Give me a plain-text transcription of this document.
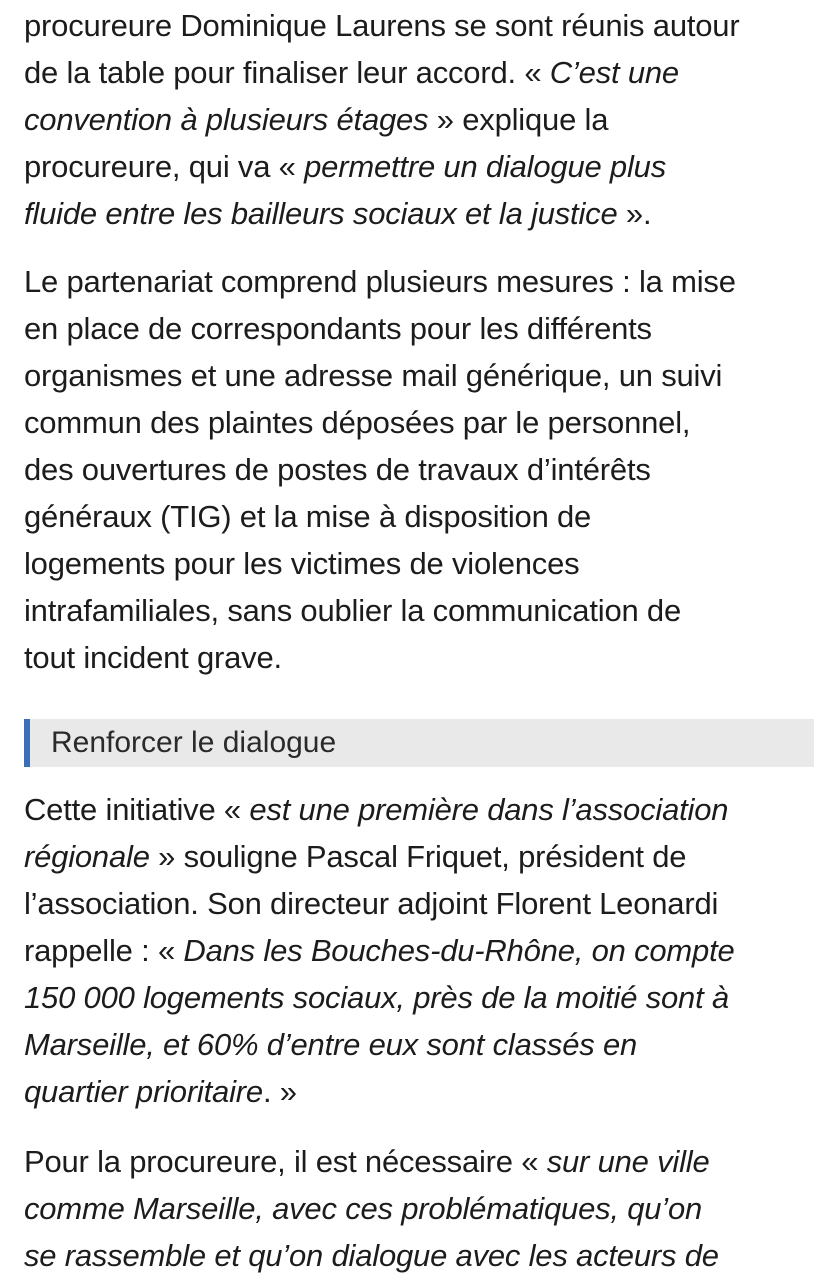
procureure Dominique Laurens se sont réunis autour
de la table pour finaliser leur accord. « C’est une
convention à plusieurs étages » explique la
procureure, qui va « permettre un dialogue plus
fluide entre les bailleurs sociaux et la justice ».

Le partenariat comprend plusieurs mesures : la mise
en place de correspondants pour les différents
organismes et une adresse mail générique, un suivi
commun des plaintes déposées par le personnel,
des ouvertures de postes de travaux d’intérêts
généraux (TIG) et la mise à disposition de
logements pour les victimes de violences
intrafamiliales, sans oublier la communication de
tout incident grave.

Cette initiative « est une première dans l’association
régionale » souligne Pascal Friquet, président de
l’association. Son directeur adjoint Florent Leonardi
rappelle : « Dans les Bouches-du-Rhône, on compte
150 000 logements sociaux, près de la moitié sont à
Marseille, et 60% d’entre eux sont classés en
quartier prioritaire. »

Pour la procureure, il est nécessaire « sur une ville
comme Marseille, avec ces problématiques, qu’on
se rassemble et qu’on dialogue avec les acteurs de

Renforcer le dialogue
